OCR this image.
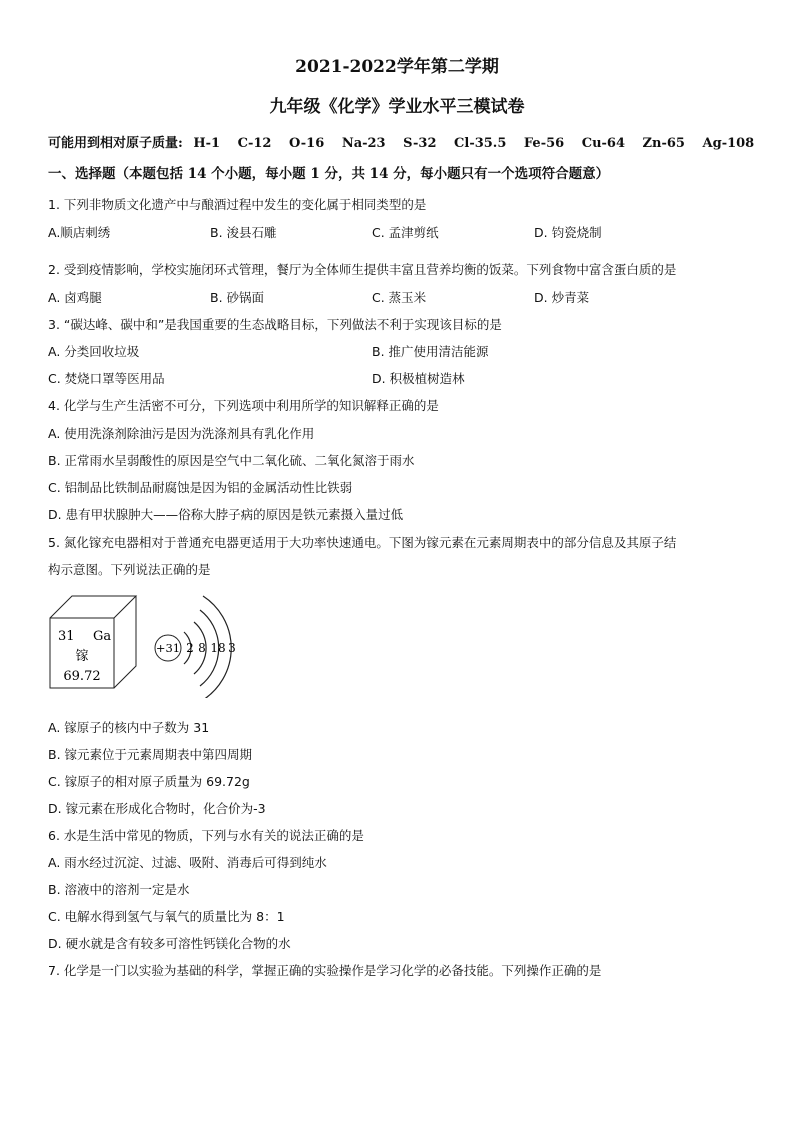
2021-2022学年第二学期
九年级《化学》学业水平三模试卷
可能用到相对原子质量: H-1 C-12 O-16 Na-23 S-32 Cl-35.5 Fe-56 Cu-64 Zn-65 Ag-108
一、选择题（本题包括 14 个小题，每小题 1 分，共 14 分，每小题只有一个选项符合题意）
1. 下列非物质文化遗产中与酿酒过程中发生的变化属于相同类型的是
A.顺店刺绣	B. 浚县石雕	C. 孟津剪纸	D. 钧瓷烧制
2. 受到疫情影响，学校实施闭环式管理，餐厅为全体师生提供丰富且营养均衡的饭菜。下列食物中富含蛋白质的是
A. 卤鸡腿	B. 砂锅面	C. 蒸玉米	D. 炒青菜
3. “碳达峰、碳中和”是我国重要的生态战略目标，下列做法不利于实现该目标的是
A. 分类回收垃圾	B. 推广使用清洁能源
C. 焚烧口罩等医用品	D. 积极植树造林
4. 化学与生产生活密不可分，下列选项中利用所学的知识解释正确的是
A. 使用洗涤剂除油污是因为洗涤剂具有乳化作用
B. 正常雨水呈弱酸性的原因是空气中二氧化硫、二氧化氮溶于雨水
C. 铝制品比铁制品耐腐蚀是因为铝的金属活动性比铁弱
D. 患有甲状腺肿大——俗称大脖子病的原因是铁元素摄入量过低
5. 氮化镓充电器相对于普通充电器更适用于大功率快速通电。下图为镓元素在元素周期表中的部分信息及其原子结
构示意图。下列说法正确的是
31 Ga
镓
69.72
+31 2 8 18 3
A. 镓原子的核内中子数为 31
B. 镓元素位于元素周期表中第四周期
C. 镓原子的相对原子质量为 69.72g
D. 镓元素在形成化合物时，化合价为-3
6. 水是生活中常见的物质，下列与水有关的说法正确的是
A. 雨水经过沉淀、过滤、吸附、消毒后可得到纯水
B. 溶液中的溶剂一定是水
C. 电解水得到氢气与氧气的质量比为 8：1
D. 硬水就是含有较多可溶性钙镁化合物的水
7. 化学是一门以实验为基础的科学，掌握正确的实验操作是学习化学的必备技能。下列操作正确的是
